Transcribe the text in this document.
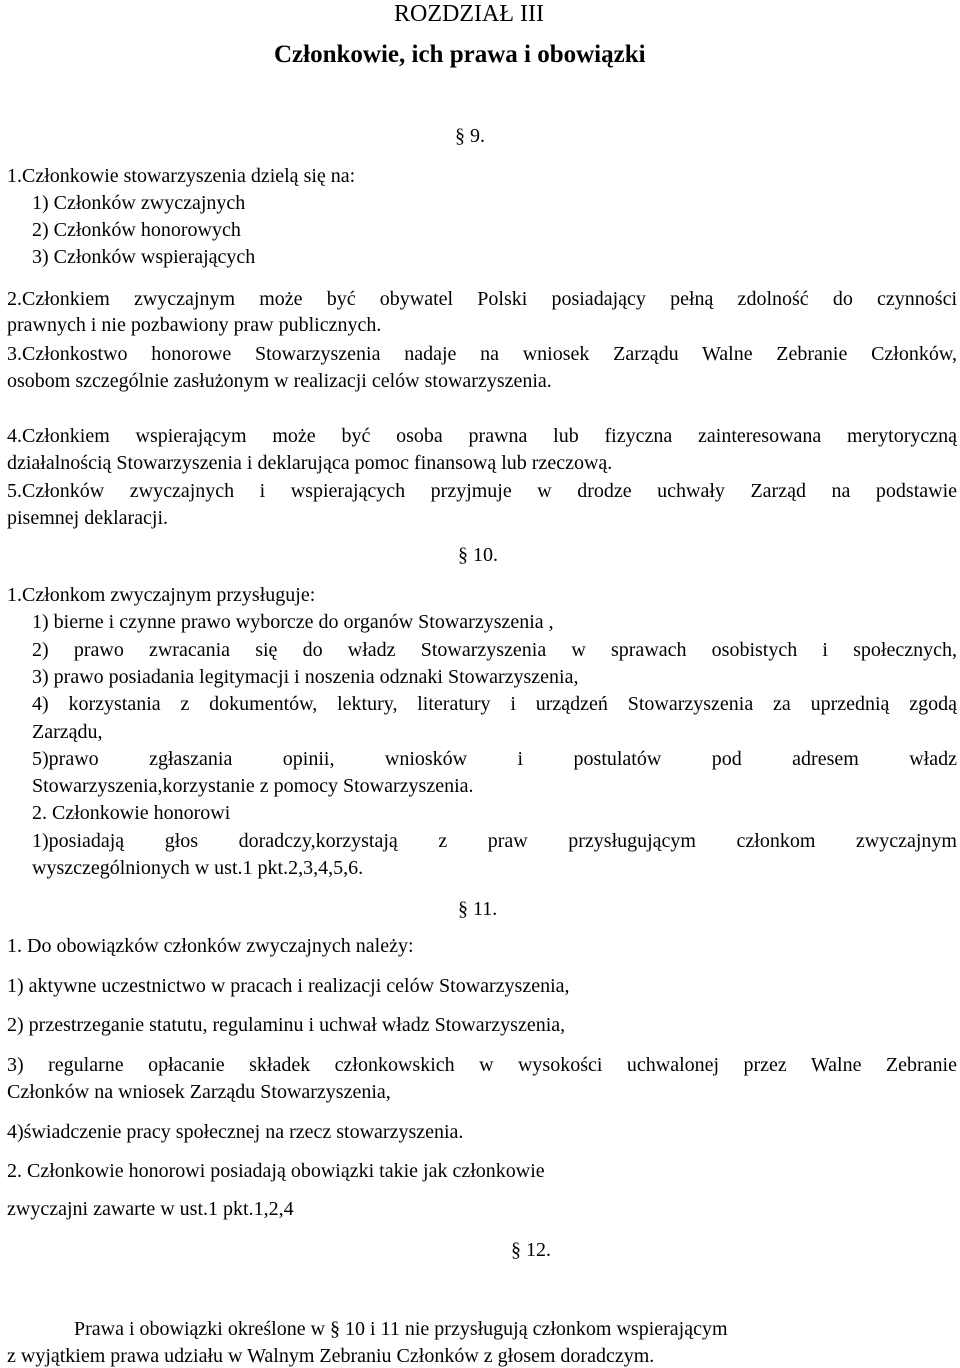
ROZDZIAŁ III
Członkowie, ich prawa i obowiązki
§ 9.
1.Członkowie stowarzyszenia dzielą się na:
1) Członków zwyczajnych
2) Członków honorowych
3) Członków wspierających
2.Członkiem zwyczajnym może być obywatel Polski posiadający pełną zdolność do czynności
prawnych i nie pozbawiony praw publicznych.
3.Członkostwo honorowe Stowarzyszenia nadaje na wniosek Zarządu Walne Zebranie Członków,
osobom szczególnie zasłużonym w realizacji celów stowarzyszenia.
4.Członkiem wspierającym może być osoba prawna lub fizyczna zainteresowana merytoryczną
działalnością Stowarzyszenia i deklarująca pomoc finansową lub rzeczową.
5.Członków zwyczajnych i wspierających przyjmuje w drodze uchwały Zarząd na podstawie
pisemnej deklaracji.
§ 10.
1.Członkom zwyczajnym przysługuje:
1) bierne i czynne prawo wyborcze do organów Stowarzyszenia ,
2) prawo zwracania się do władz Stowarzyszenia w sprawach osobistych i społecznych,
3) prawo posiadania legitymacji i noszenia odznaki Stowarzyszenia,
4) korzystania z dokumentów, lektury, literatury i urządzeń Stowarzyszenia za uprzednią zgodą
Zarządu,
5)prawo zgłaszania opinii, wniosków i postulatów pod adresem władz
Stowarzyszenia,korzystanie z pomocy Stowarzyszenia.
2. Członkowie honorowi
1)posiadają głos doradczy,korzystają z praw przysługującym członkom zwyczajnym
wyszczególnionych w ust.1 pkt.2,3,4,5,6.
§ 11.
1. Do obowiązków członków zwyczajnych należy:
1) aktywne uczestnictwo w pracach i realizacji celów Stowarzyszenia,
2) przestrzeganie statutu, regulaminu i uchwał władz Stowarzyszenia,
3) regularne opłacanie składek członkowskich w wysokości uchwalonej przez Walne Zebranie
Członków na wniosek Zarządu Stowarzyszenia,
4)świadczenie pracy społecznej na rzecz stowarzyszenia.
2. Członkowie honorowi posiadają obowiązki takie jak członkowie
zwyczajni zawarte w ust.1 pkt.1,2,4
§ 12.
Prawa i obowiązki określone w § 10 i 11 nie przysługują członkom wspierającym
z wyjątkiem prawa udziału w Walnym Zebraniu Członków z głosem doradczym.
